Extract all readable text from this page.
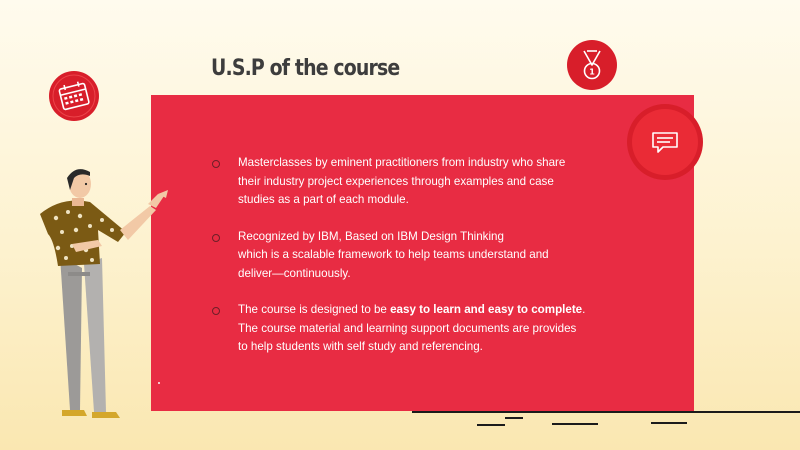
U.S.P of the course
Masterclasses by eminent practitioners from industry who share
their industry project experiences through examples and case
studies as a part of each module.
Recognized by IBM, Based on IBM Design Thinking
which is a scalable framework to help teams understand and
deliver—continuously.
The course is designed to be easy to learn and easy to complete.
The course material and learning support documents are provides
to help students with self study and referencing.
1
